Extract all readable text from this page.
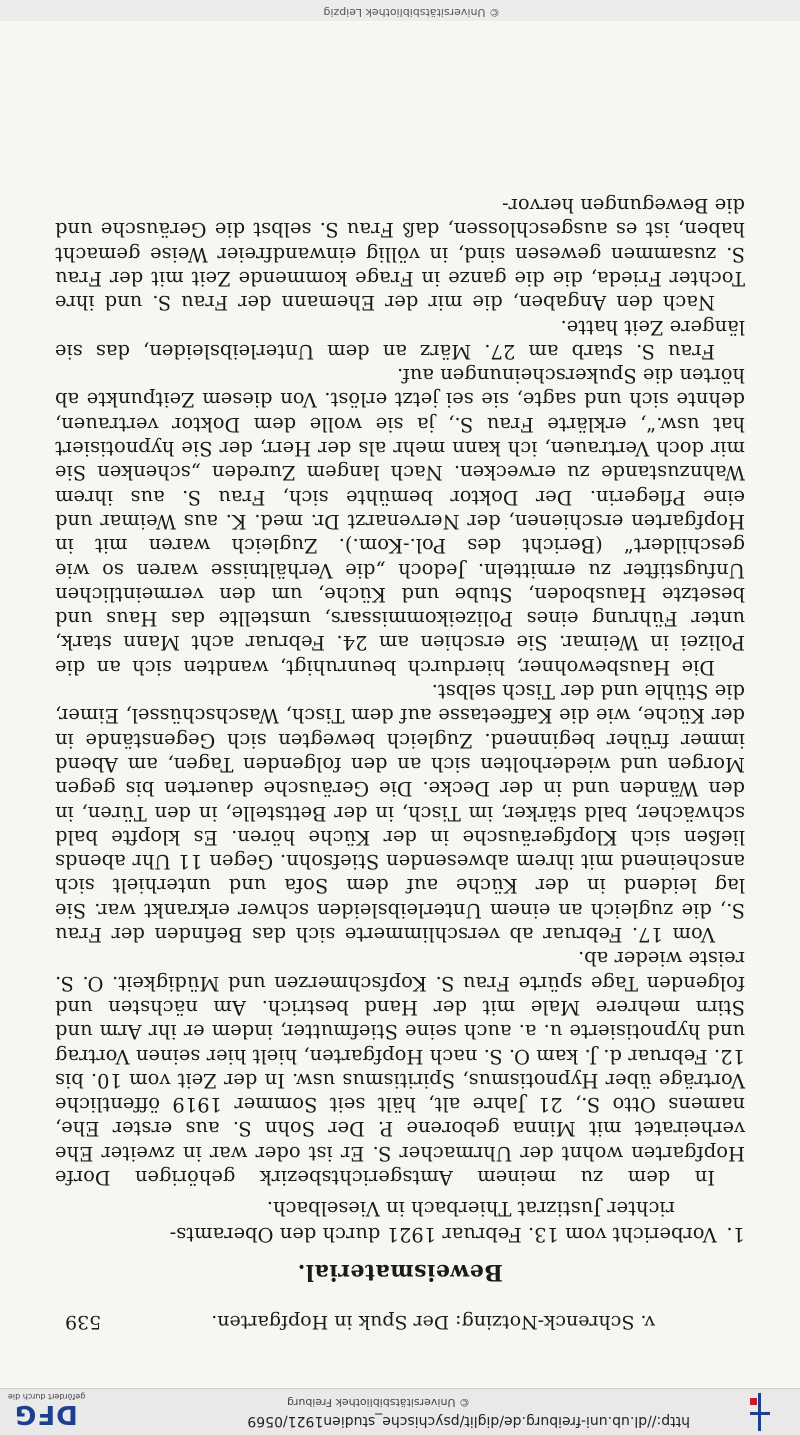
http://dl.ub.uni-freiburg.de/diglit/psychische_studien1921/0569
© Universitätsbibliothek Freiburg
DFG
gefördert durch die
v. Schrenck-Notzing: Der Spuk in Hopfgarten.
539
Beweismaterial.
1. Vorbericht vom 13. Februar 1921 durch den Oberamts-
richter Justizrat Thierbach in Vieselbach.

In dem zu meinem Amtsgerichtsbezirk gehörigen Dorfe Hopfgarten wohnt der Uhrmacher S. Er ist oder war in zweiter Ehe verheiratet mit Minna geborene P. Der Sohn S. aus erster Ehe, namens Otto S., 21 Jahre alt, hält seit Sommer 1919 öffentliche Vorträge über Hypnotismus, Spiritismus usw. In der Zeit vom 10. bis 12. Februar d. J. kam O. S. nach Hopfgarten, hielt hier seinen Vortrag und hypnotisierte u. a. auch seine Stiefmutter, indem er ihr Arm und Stirn mehrere Male mit der Hand bestrich. Am nächsten und folgenden Tage spürte Frau S. Kopfschmerzen und Müdigkeit. O. S. reiste wieder ab.

Vom 17. Februar ab verschlimmerte sich das Befinden der Frau S., die zugleich an einem Unterleibsleiden schwer erkrankt war. Sie lag leidend in der Küche auf dem Sofa und unterhielt sich anscheinend mit ihrem abwesenden Stiefsohn. Gegen 11 Uhr abends ließen sich Klopfgeräusche in der Küche hören. Es klopfte bald schwächer, bald stärker, im Tisch, in der Bettstelle, in den Türen, in den Wänden und in der Decke. Die Geräusche dauerten bis gegen Morgen und wiederholten sich an den folgenden Tagen, am Abend immer früher beginnend. Zugleich bewegten sich Gegenstände in der Küche, wie die Kaffeetasse auf dem Tisch, Waschschüssel, Eimer, die Stühle und der Tisch selbst.

Die Hausbewohner, hierdurch beunruhigt, wandten sich an die Polizei in Weimar. Sie erschien am 24. Februar acht Mann stark, unter Führung eines Polizeikommissars, umstellte das Haus und besetzte Hausboden, Stube und Küche, um den vermeintlichen Unfugstifter zu ermitteln. Jedoch „die Verhältnisse waren so wie geschildert“ (Bericht des Pol.-Kom.). Zugleich waren mit in Hopfgarten erschienen, der Nervenarzt Dr. med. K. aus Weimar und eine Pflegerin. Der Doktor bemühte sich, Frau S. aus ihrem Wahnzustande zu erwecken. Nach langem Zureden „schenken Sie mir doch Vertrauen, ich kann mehr als der Herr, der Sie hypnotisiert hat usw.“, erklärte Frau S., ja sie wolle dem Doktor vertrauen, dehnte sich und sagte, sie sei jetzt erlöst. Von diesem Zeitpunkte ab hörten die Spukerscheinungen auf.

Frau S. starb am 27. März an dem Unterleibsleiden, das sie längere Zeit hatte.

Nach den Angaben, die mir der Ehemann der Frau S. und ihre Tochter Frieda, die die ganze in Frage kommende Zeit mit der Frau S. zusammen gewesen sind, in völlig einwandfreier Weise gemacht haben, ist es ausgeschlossen, daß Frau S. selbst die Geräusche und die Bewegungen hervor-

© Universitätsbibliothek Leipzig
